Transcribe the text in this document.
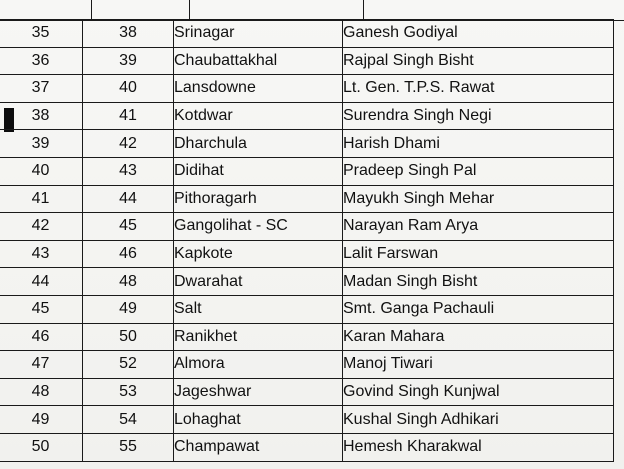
35	38	Srinagar	Ganesh Godiyal
36	39	Chaubattakhal	Rajpal Singh Bisht
37	40	Lansdowne	Lt. Gen. T.P.S. Rawat
38	41	Kotdwar	Surendra Singh Negi
39	42	Dharchula	Harish Dhami
40	43	Didihat	Pradeep Singh Pal
41	44	Pithoragarh	Mayukh Singh Mehar
42	45	Gangolihat - SC	Narayan Ram Arya
43	46	Kapkote	Lalit Farswan
44	48	Dwarahat	Madan Singh Bisht
45	49	Salt	Smt. Ganga Pachauli
46	50	Ranikhet	Karan Mahara
47	52	Almora	Manoj Tiwari
48	53	Jageshwar	Govind Singh Kunjwal
49	54	Lohaghat	Kushal Singh Adhikari
50	55	Champawat	Hemesh Kharakwal
